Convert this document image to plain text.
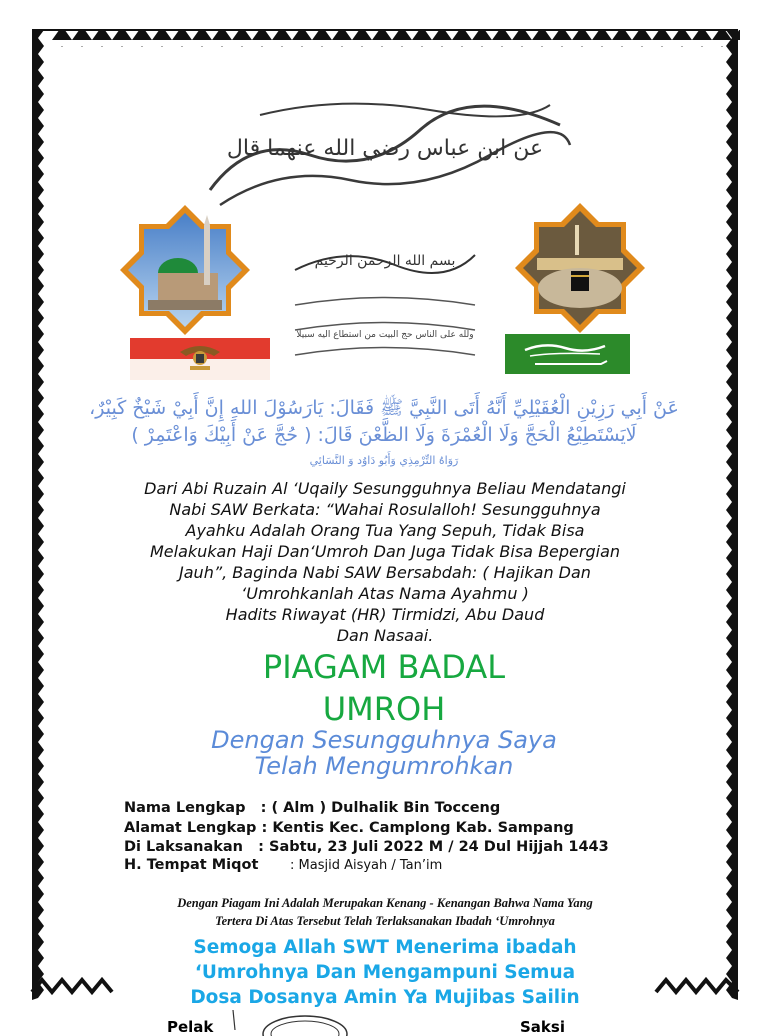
عن ابن عباس رضي الله عنهما قال
بسم الله الرحمن الرحيم
ولله على الناس حج البيت من استطاع اليه سبيلا
عَنْ أَبِي رَزِيْنِ الْعُقَيْلِيِّ أَنَّهُ أَتَى النَّبِيَّ ﷺ فَقَالَ: يَارَسُوْلَ اللهِ إِنَّ أَبِيْ شَيْخٌ كَبِيْرٌ،
لَايَسْتَطِيْعُ الْحَجَّ وَلَا الْعُمْرَةَ وَلَا الظَّعْنَ قَالَ: ( حُجَّ عَنْ أَبِيْكَ وَاعْتَمِرْ )
رَوَاهُ التِّرْمِذِي وَأَبُو دَاوُد وَ النَّسَائِي
Dari Abi Ruzain Al ‘Uqaily Sesungguhnya Beliau Mendatangi
Nabi SAW Berkata: “Wahai Rosulalloh! Sesungguhnya
Ayahku Adalah Orang Tua Yang Sepuh, Tidak Bisa
Melakukan Haji Dan‘Umroh Dan Juga Tidak Bisa Bepergian
Jauh”, Baginda Nabi SAW Bersabdah: ( Hajikan Dan
‘Umrohkanlah Atas Nama Ayahmu )
Hadits Riwayat (HR) Tirmidzi, Abu Daud
Dan Nasaai.
PIAGAM BADAL
UMROH
Dengan Sesungguhnya Saya
Telah Mengumrohkan
Nama Lengkap   : ( Alm ) Dulhalik Bin Tocceng
Alamat Lengkap : Kentis Kec. Camplong Kab. Sampang
Di Laksanakan   : Sabtu, 23 Juli 2022 M / 24 Dul Hijjah 1443
H. Tempat Miqot : Masjid Aisyah / Tan’im
Dengan Piagam Ini Adalah Merupakan Kenang - Kenangan Bahwa Nama Yang
Tertera Di Atas Tersebut Telah Terlaksanakan Ibadah ‘Umrohnya
Semoga Allah SWT Menerima ibadah
‘Umrohnya Dan Mengampuni Semua
Dosa Dosanya Amin Ya Mujibas Sailin
Pelak	Saksi
